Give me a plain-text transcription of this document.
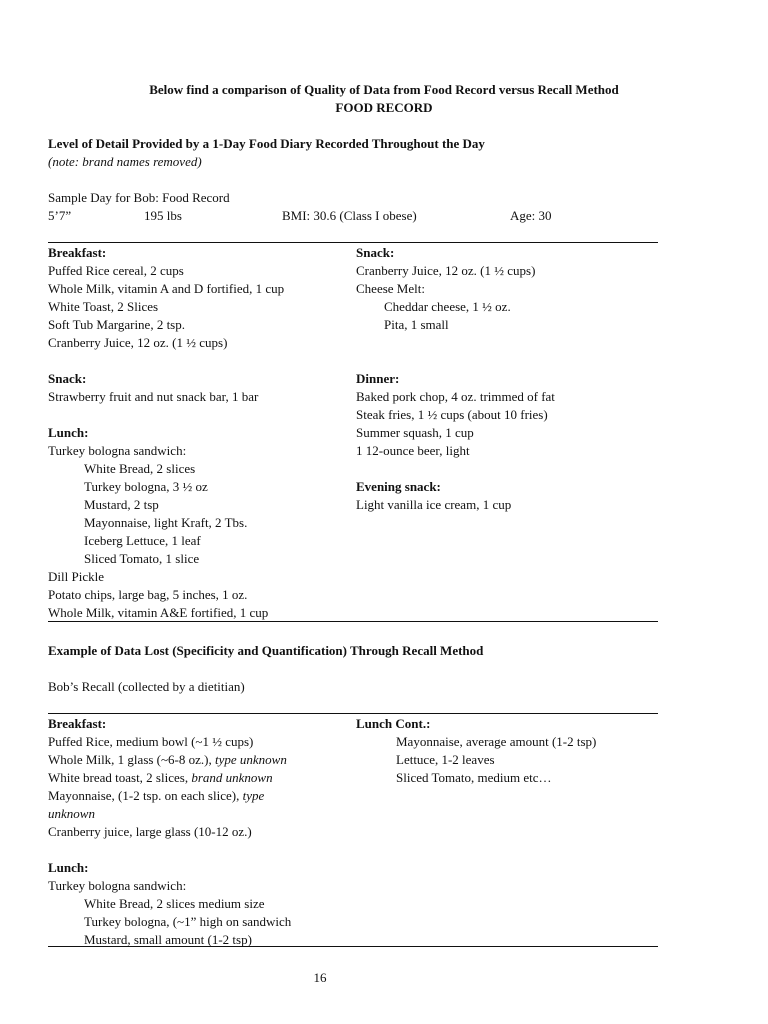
Below find a comparison of Quality of Data from Food Record versus Recall Method
FOOD RECORD
Level of Detail Provided by a 1-Day Food Diary Recorded Throughout the Day
(note: brand names removed)
Sample Day for Bob: Food Record
5’7”	195 lbs	BMI: 30.6 (Class I obese)	Age: 30
Breakfast:
Puffed Rice cereal, 2 cups
Whole Milk, vitamin A and D fortified, 1 cup
White Toast, 2 Slices
Soft Tub Margarine, 2 tsp.
Cranberry Juice, 12 oz. (1 ½ cups)
Snack:
Strawberry fruit and nut snack bar, 1 bar
Lunch:
Turkey bologna sandwich:
White Bread, 2 slices
Turkey bologna, 3 ½ oz
Mustard, 2 tsp
Mayonnaise, light Kraft, 2 Tbs.
Iceberg Lettuce, 1 leaf
Sliced Tomato, 1 slice
Dill Pickle
Potato chips, large bag, 5 inches, 1 oz.
Whole Milk, vitamin A&E fortified, 1 cup
Snack:
Cranberry Juice, 12 oz. (1 ½ cups)
Cheese Melt:
Cheddar cheese, 1 ½ oz.
Pita, 1 small
Dinner:
Baked pork chop, 4 oz. trimmed of fat
Steak fries, 1 ½ cups (about 10 fries)
Summer squash, 1 cup
1 12-ounce beer, light
Evening snack:
Light vanilla ice cream, 1 cup
Example of Data Lost (Specificity and Quantification) Through Recall Method
Bob’s Recall (collected by a dietitian)
Breakfast:
Puffed Rice, medium bowl (~1 ½ cups)
Whole Milk, 1 glass (~6-8 oz.), type unknown
White bread toast, 2 slices, brand unknown
Mayonnaise, (1-2 tsp. on each slice), type
unknown
Cranberry juice, large glass (10-12 oz.)
Lunch:
Turkey bologna sandwich:
White Bread, 2 slices medium size
Turkey bologna, (~1” high on sandwich
Mustard, small amount (1-2 tsp)
Lunch Cont.:
Mayonnaise, average amount (1-2 tsp)
Lettuce, 1-2 leaves
Sliced Tomato, medium etc…
16
